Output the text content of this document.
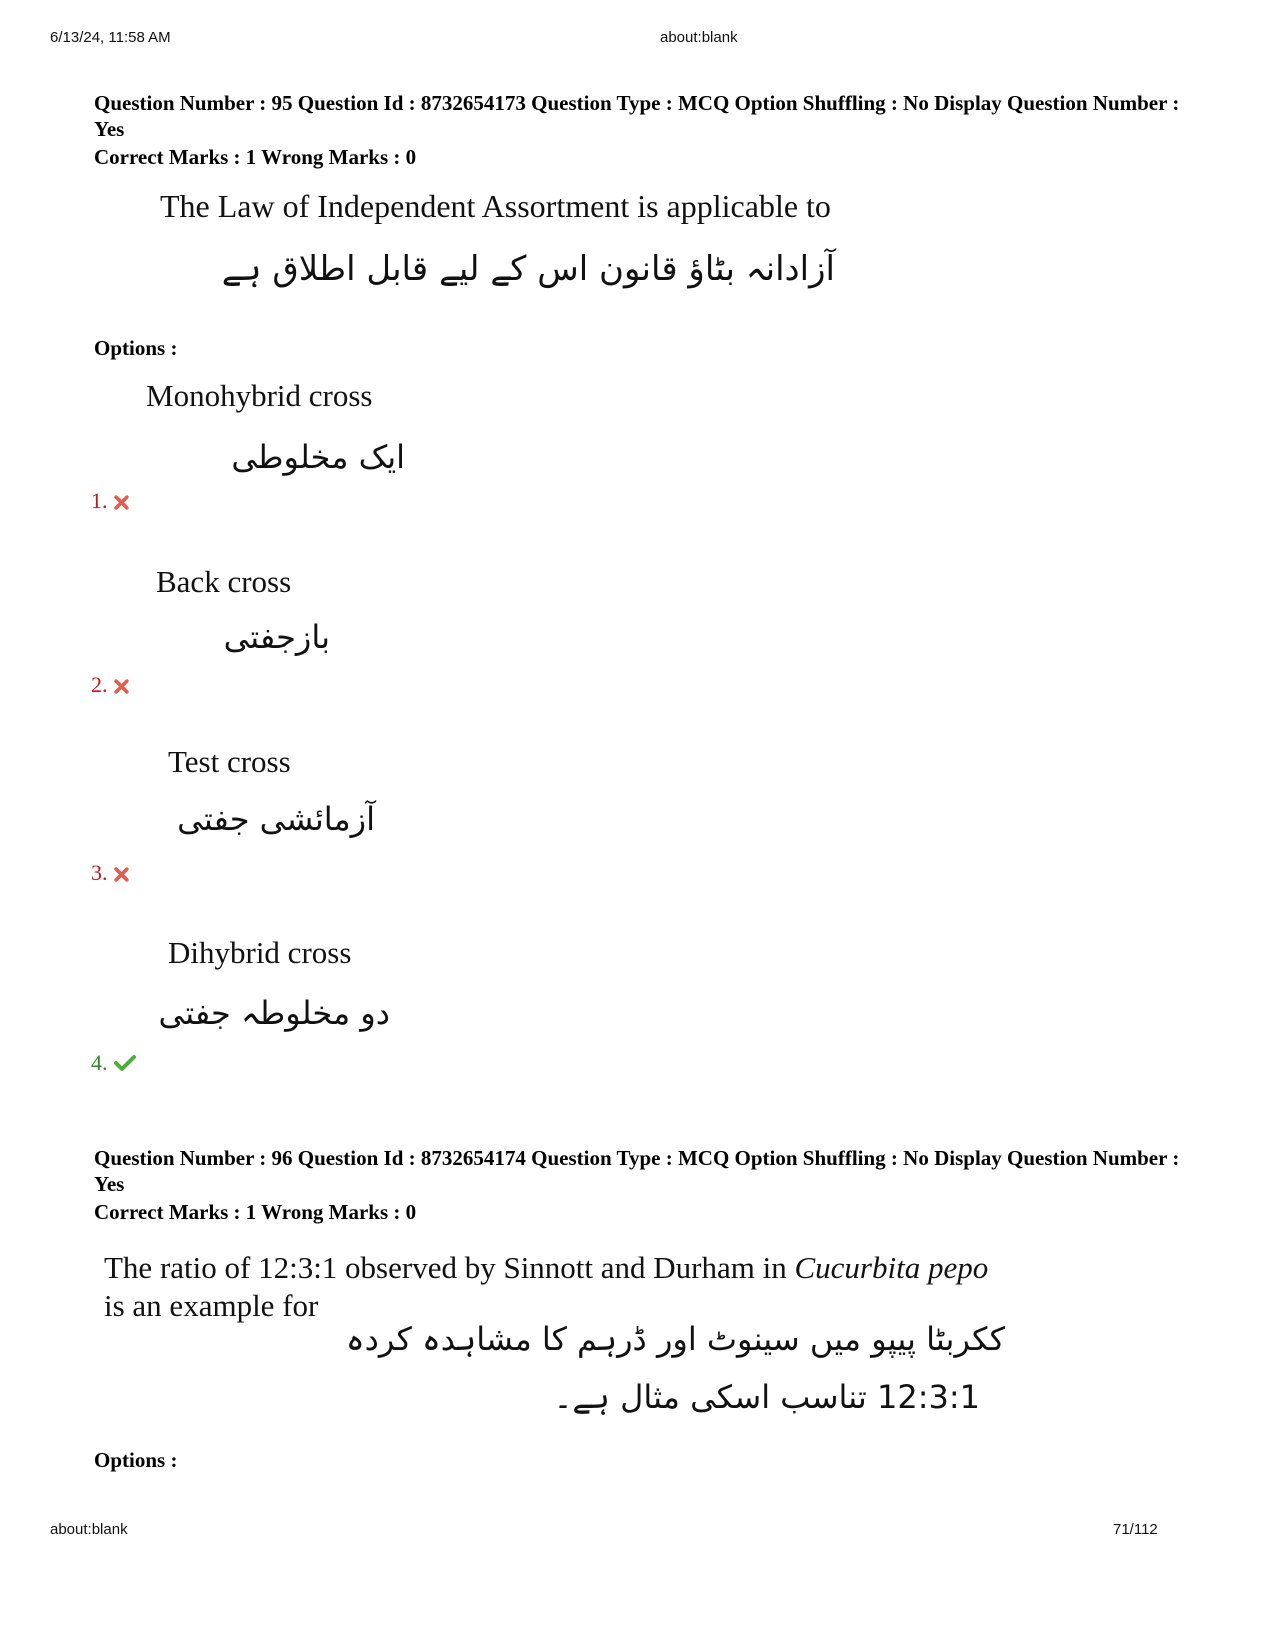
6/13/24, 11:58 AM	about:blank
Question Number : 95 Question Id : 8732654173 Question Type : MCQ Option Shuffling : No Display Question Number : Yes
Correct Marks : 1 Wrong Marks : 0
The Law of Independent Assortment is applicable to
آزادانہ بٹاؤ قانون اس کے لیے قابل اطلاق ہے
Options :
Monohybrid cross
ایک مخلوطی
1.
Back cross
بازجفتی
2.
Test cross
آزمائشی جفتی
3.
Dihybrid cross
دو مخلوطہ جفتی
4.
Question Number : 96 Question Id : 8732654174 Question Type : MCQ Option Shuffling : No Display Question Number : Yes
Correct Marks : 1 Wrong Marks : 0
The ratio of 12:3:1 observed by Sinnott and Durham in Cucurbita pepo
is an example for
ککربٹا پیپو میں سینوٹ اور ڈرہم کا مشاہدہ کردہ
12:3:1 تناسب اسکی مثال ہے۔
Options :
about:blank	71/112
